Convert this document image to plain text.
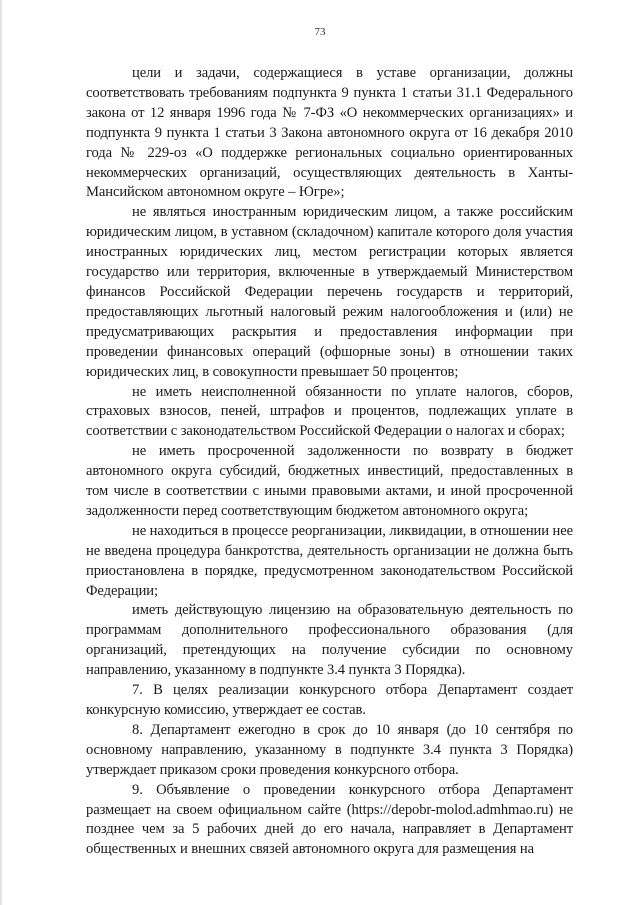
73

цели и задачи, содержащиеся в уставе организации, должны соответствовать требованиям подпункта 9 пункта 1 статьи 31.1 Федерального закона от 12 января 1996 года № 7-ФЗ «О некоммерческих организациях» и подпункта 9 пункта 1 статьи 3 Закона автономного округа от 16 декабря 2010 года № 229-оз «О поддержке региональных социально ориентированных некоммерческих организаций, осуществляющих деятельность в Ханты-Мансийском автономном округе – Югре»;

не являться иностранным юридическим лицом, а также российским юридическим лицом, в уставном (складочном) капитале которого доля участия иностранных юридических лиц, местом регистрации которых является государство или территория, включенные в утверждаемый Министерством финансов Российской Федерации перечень государств и территорий, предоставляющих льготный налоговый режим налогообложения и (или) не предусматривающих раскрытия и предоставления информации при проведении финансовых операций (офшорные зоны) в отношении таких юридических лиц, в совокупности превышает 50 процентов;

не иметь неисполненной обязанности по уплате налогов, сборов, страховых взносов, пеней, штрафов и процентов, подлежащих уплате в соответствии с законодательством Российской Федерации о налогах и сборах;

не иметь просроченной задолженности по возврату в бюджет автономного округа субсидий, бюджетных инвестиций, предоставленных в том числе в соответствии с иными правовыми актами, и иной просроченной задолженности перед соответствующим бюджетом автономного округа;

не находиться в процессе реорганизации, ликвидации, в отношении нее не введена процедура банкротства, деятельность организации не должна быть приостановлена в порядке, предусмотренном законодательством Российской Федерации;

иметь действующую лицензию на образовательную деятельность по программам дополнительного профессионального образования (для организаций, претендующих на получение субсидии по основному направлению, указанному в подпункте 3.4 пункта 3 Порядка).

7. В целях реализации конкурсного отбора Департамент создает конкурсную комиссию, утверждает ее состав.

8. Департамент ежегодно в срок до 10 января (до 10 сентября по основному направлению, указанному в подпункте 3.4 пункта 3 Порядка) утверждает приказом сроки проведения конкурсного отбора.

9. Объявление о проведении конкурсного отбора Департамент размещает на своем официальном сайте (https://depobr-molod.admhmao.ru) не позднее чем за 5 рабочих дней до его начала, направляет в Департамент общественных и внешних связей автономного округа для размещения на
